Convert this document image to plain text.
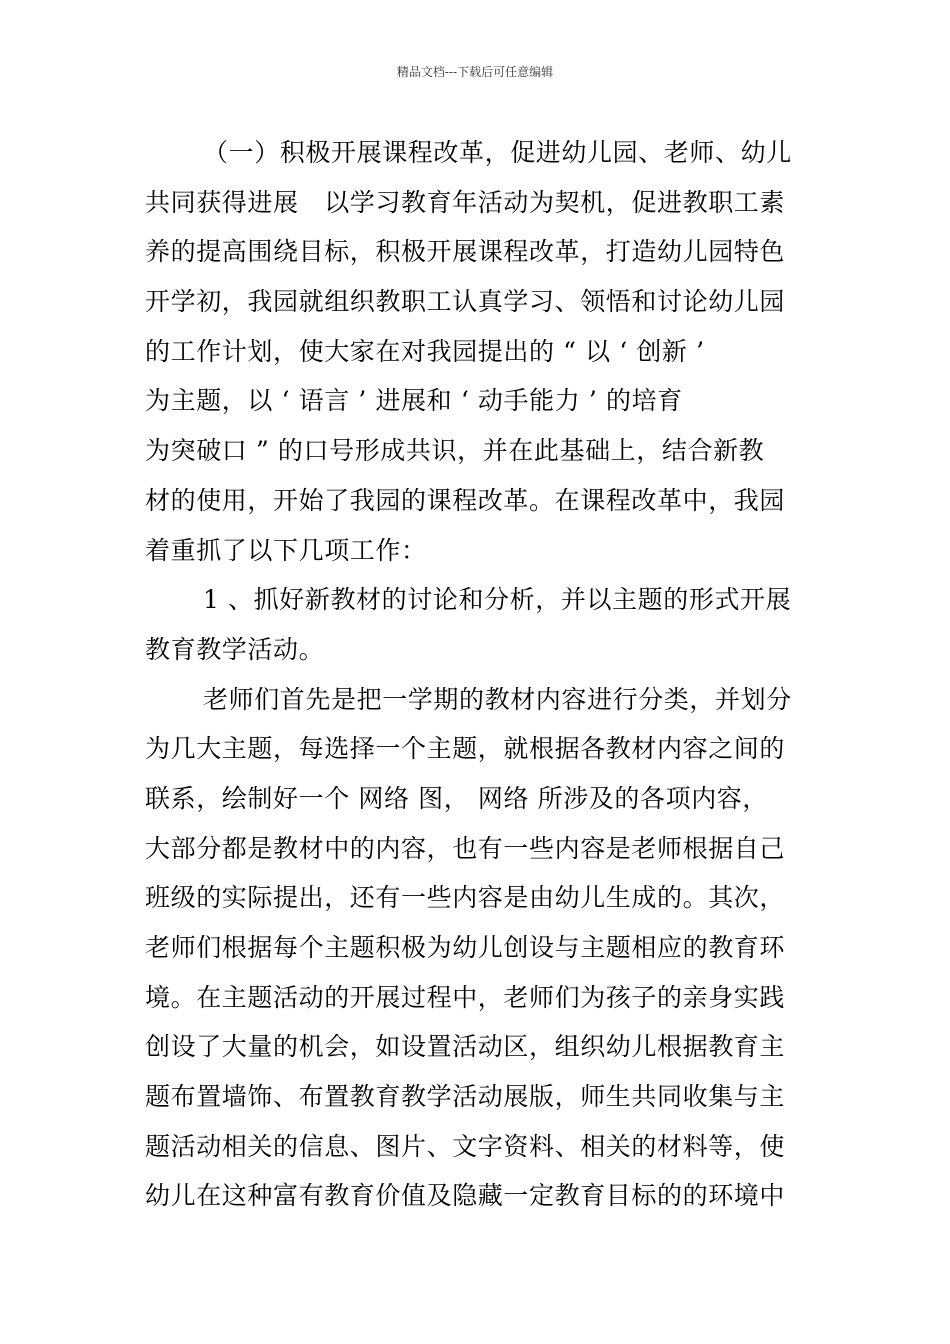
精品文档---下载后可任意编辑
（一）积极开展课程改革，促进幼儿园、老师、幼儿
共同获得进展　以学习教育年活动为契机，促进教职工素
养的提高围绕目标，积极开展课程改革，打造幼儿园特色
开学初，我园就组织教职工认真学习、领悟和讨论幼儿园
的工作计划，使大家在对我园提出的 “ 以 ‘ 创新 ’
为主题，以 ‘ 语言 ’ 进展和 ‘ 动手能力 ’ 的培育
为突破口 ” 的口号形成共识，并在此基础上，结合新教
材的使用，开始了我园的课程改革。在课程改革中，我园
着重抓了以下几项工作：
1 、抓好新教材的讨论和分析，并以主题的形式开展
教育教学活动。
老师们首先是把一学期的教材内容进行分类，并划分
为几大主题，每选择一个主题，就根据各教材内容之间的
联系，绘制好一个 网络 图， 网络 所涉及的各项内容，
大部分都是教材中的内容，也有一些内容是老师根据自己
班级的实际提出，还有一些内容是由幼儿生成的。其次，
老师们根据每个主题积极为幼儿创设与主题相应的教育环
境。在主题活动的开展过程中，老师们为孩子的亲身实践
创设了大量的机会，如设置活动区，组织幼儿根据教育主
题布置墙饰、布置教育教学活动展版，师生共同收集与主
题活动相关的信息、图片、文字资料、相关的材料等，使
幼儿在这种富有教育价值及隐藏一定教育目标的的环境中
